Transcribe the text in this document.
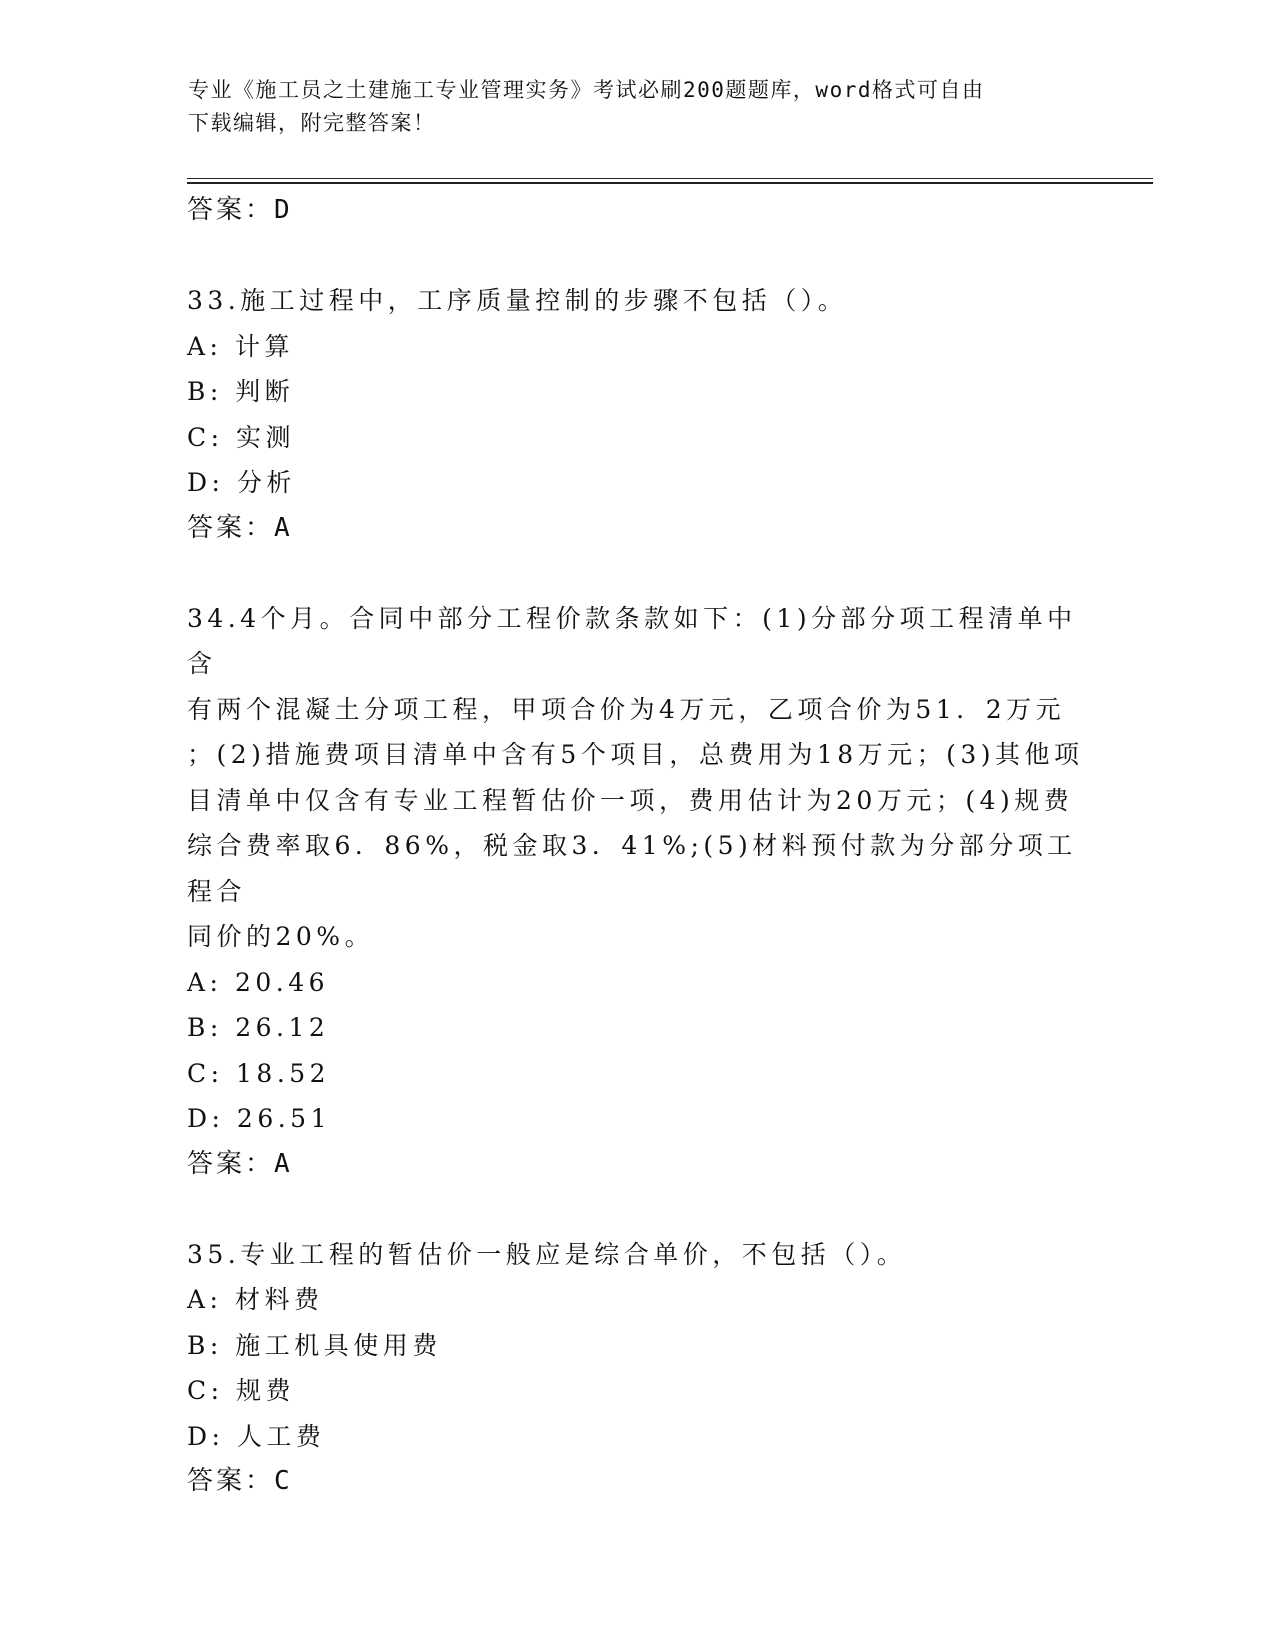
专业《施工员之土建施工专业管理实务》考试必刷200题题库，word格式可自由
下载编辑，附完整答案！
答案：D
33.施工过程中，工序质量控制的步骤不包括（）。
A: 计算
B: 判断
C: 实测
D: 分析
答案：A
34.4个月。合同中部分工程价款条款如下：(1)分部分项工程清单中含
有两个混凝土分项工程，甲项合价为4万元，乙项合价为51．2万元
；(2)措施费项目清单中含有5个项目，总费用为18万元；(3)其他项
目清单中仅含有专业工程暂估价一项，费用估计为20万元；(4)规费
综合费率取6．86%，税金取3．41%;(5)材料预付款为分部分项工程合
同价的20%。
A: 20.46
B: 26.12
C: 18.52
D: 26.51
答案：A
35.专业工程的暂估价一般应是综合单价，不包括（）。
A: 材料费
B: 施工机具使用费
C: 规费
D: 人工费
答案：C
